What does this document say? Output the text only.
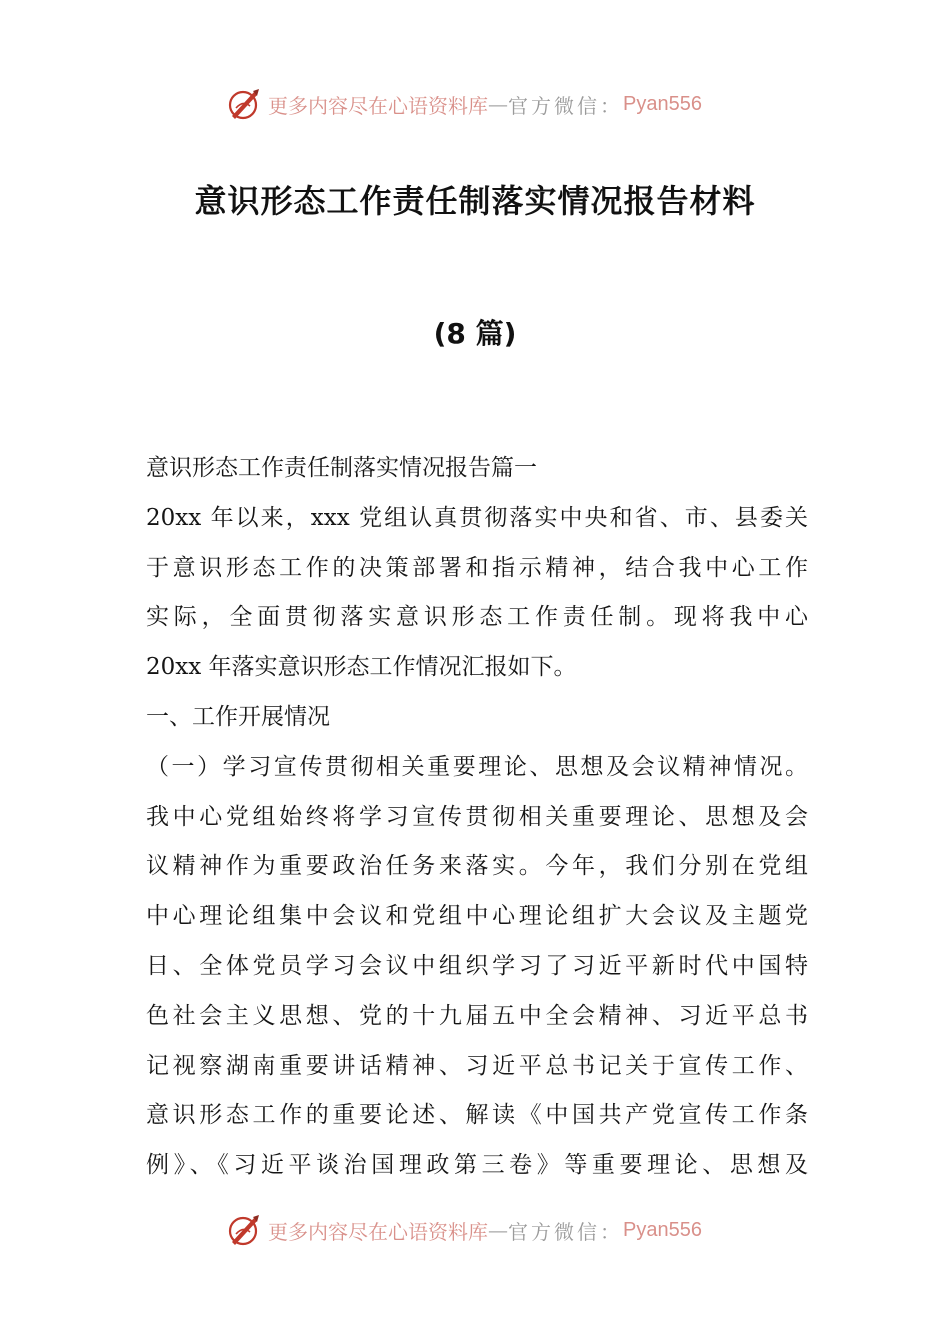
更多内容尽在心语资料库 — 官方微信： Pyan556
意识形态工作责任制落实情况报告材料
(8 篇)
意识形态工作责任制落实情况报告篇一
20xx 年以来，xxx 党组认真贯彻落实中央和省、市、县委关
于意识形态工作的决策部署和指示精神，结合我中心工作
实际，全面贯彻落实意识形态工作责任制。现将我中心
20xx 年落实意识形态工作情况汇报如下。
一、工作开展情况
（一）学习宣传贯彻相关重要理论、思想及会议精神情况。
我中心党组始终将学习宣传贯彻相关重要理论、思想及会
议精神作为重要政治任务来落实。今年，我们分别在党组
中心理论组集中会议和党组中心理论组扩大会议及主题党
日、全体党员学习会议中组织学习了习近平新时代中国特
色社会主义思想、党的十九届五中全会精神、习近平总书
记视察湖南重要讲话精神、习近平总书记关于宣传工作、
意识形态工作的重要论述、解读《中国共产党宣传工作条
例》、《习近平谈治国理政第三卷》等重要理论、思想及
更多内容尽在心语资料库 — 官方微信： Pyan556
